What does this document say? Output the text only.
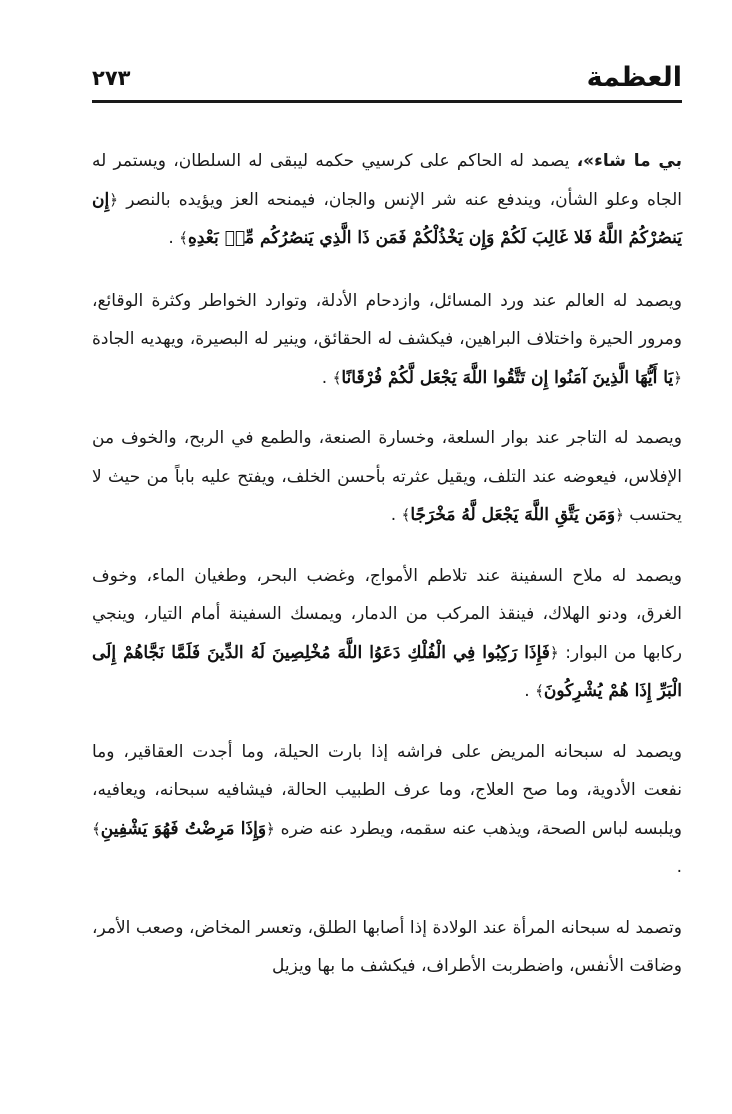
العظمة
٢٧٣

بي ما شاء»، يصمد له الحاكم على كرسيي حكمه ليبقى له السلطان، ويستمر له الجاه وعلو الشأن، ويندفع عنه شر الإنس والجان، فيمنحه العز ويؤيده بالنصر ﴿إِن يَنصُرْكُمُ اللَّهُ فَلا غَالِبَ لَكُمْ وَإِن يَخْذُلْكُمْ فَمَن ذَا الَّذِي يَنصُرُكُم مِّنۢ بَعْدِهِ﴾ .

ويصمد له العالم عند ورد المسائل، وازدحام الأدلة، وتوارد الخواطر وكثرة الوقائع، ومرور الحيرة واختلاف البراهين، فيكشف له الحقائق، وينير له البصيرة، ويهديه الجادة ﴿يَا أَيُّهَا الَّذِينَ آمَنُوا إِن تَتَّقُوا اللَّهَ يَجْعَل لَّكُمْ فُرْقَانًا﴾ .

ويصمد له التاجر عند بوار السلعة، وخسارة الصنعة، والطمع في الربح، والخوف من الإفلاس، فيعوضه عند التلف، ويقيل عثرته بأحسن الخلف، ويفتح عليه باباً من حيث لا يحتسب ﴿وَمَن يَتَّقِ اللَّهَ يَجْعَل لَّهُ مَخْرَجًا﴾ .

ويصمد له ملاح السفينة عند تلاطم الأمواج، وغضب البحر، وطغيان الماء، وخوف الغرق، ودنو الهلاك، فينقذ المركب من الدمار، ويمسك السفينة أمام التيار، وينجي ركابها من البوار: ﴿فَإِذَا رَكِبُوا فِي الْفُلْكِ دَعَوُا اللَّهَ مُخْلِصِينَ لَهُ الدِّينَ فَلَمَّا نَجَّاهُمْ إِلَى الْبَرِّ إِذَا هُمْ يُشْرِكُونَ﴾ .

ويصمد له سبحانه المريض على فراشه إذا بارت الحيلة، وما أجدت العقاقير، وما نفعت الأدوية، وما صح العلاج، وما عرف الطبيب الحالة، فيشافيه سبحانه، ويعافيه، ويلبسه لباس الصحة، ويذهب عنه سقمه، ويطرد عنه ضره ﴿وَإِذَا مَرِضْتُ فَهُوَ يَشْفِينِ﴾ .

وتصمد له سبحانه المرأة عند الولادة إذا أصابها الطلق، وتعسر المخاض، وصعب الأمر، وضاقت الأنفس، واضطربت الأطراف، فيكشف ما بها ويزيل
